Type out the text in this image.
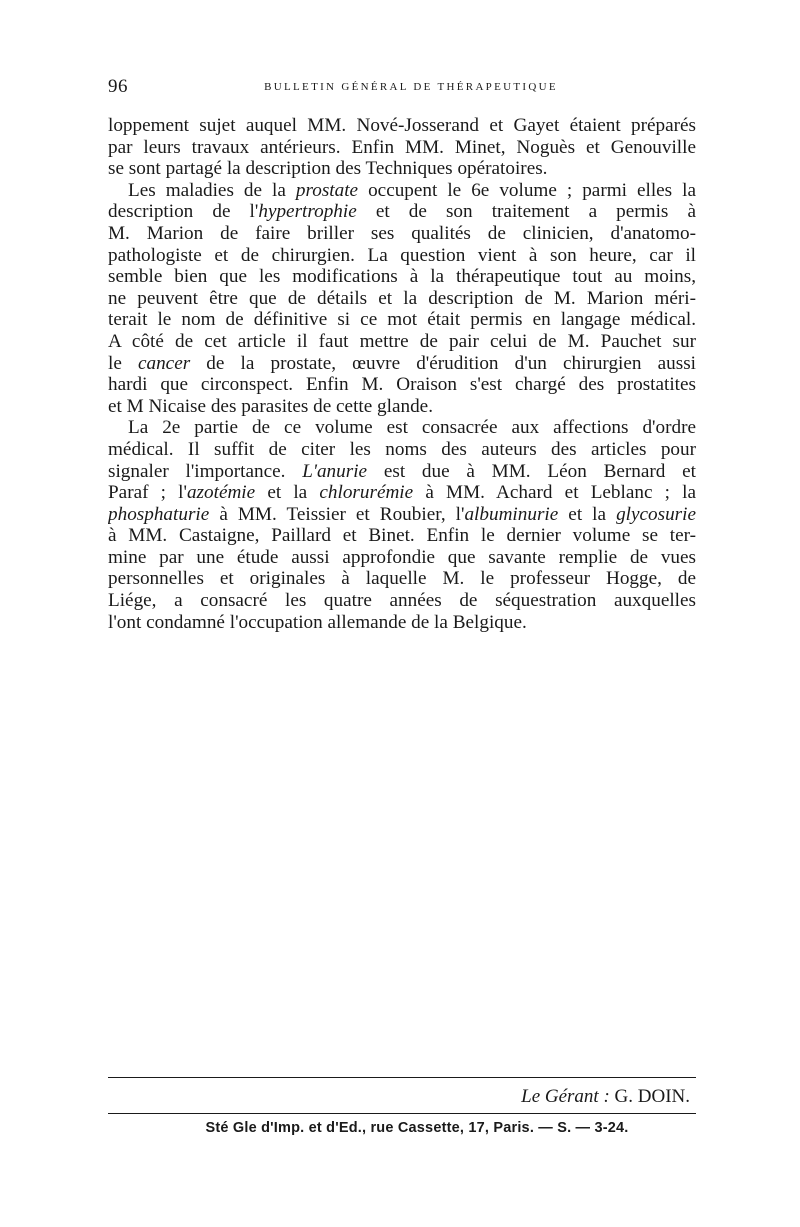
96	BULLETIN GÉNÉRAL DE THÉRAPEUTIQUE
loppement sujet auquel MM. Nové-Josserand et Gayet étaient préparés
par leurs travaux antérieurs. Enfin MM. Minet, Noguès et Genouville
se sont partagé la description des Techniques opératoires.
Les maladies de la prostate occupent le 6e volume ; parmi elles la
description de l'hypertrophie et de son traitement a permis à
M. Marion de faire briller ses qualités de clinicien, d'anatomo-
pathologiste et de chirurgien. La question vient à son heure, car il
semble bien que les modifications à la thérapeutique tout au moins,
ne peuvent être que de détails et la description de M. Marion méri-
terait le nom de définitive si ce mot était permis en langage médical.
A côté de cet article il faut mettre de pair celui de M. Pauchet sur
le cancer de la prostate, œuvre d'érudition d'un chirurgien aussi
hardi que circonspect. Enfin M. Oraison s'est chargé des prostatites
et M Nicaise des parasites de cette glande.
La 2e partie de ce volume est consacrée aux affections d'ordre
médical. Il suffit de citer les noms des auteurs des articles pour
signaler l'importance. L'anurie est due à MM. Léon Bernard et
Paraf ; l'azotémie et la chlorurémie à MM. Achard et Leblanc ; la
phosphaturie à MM. Teissier et Roubier, l'albuminurie et la glycosurie
à MM. Castaigne, Paillard et Binet. Enfin le dernier volume se ter-
mine par une étude aussi approfondie que savante remplie de vues
personnelles et originales à laquelle M. le professeur Hogge, de
Liége, a consacré les quatre années de séquestration auxquelles
l'ont condamné l'occupation allemande de la Belgique.
Le Gérant : G. DOIN.
Sté Gle d'Imp. et d'Ed., rue Cassette, 17, Paris. — S. — 3-24.
